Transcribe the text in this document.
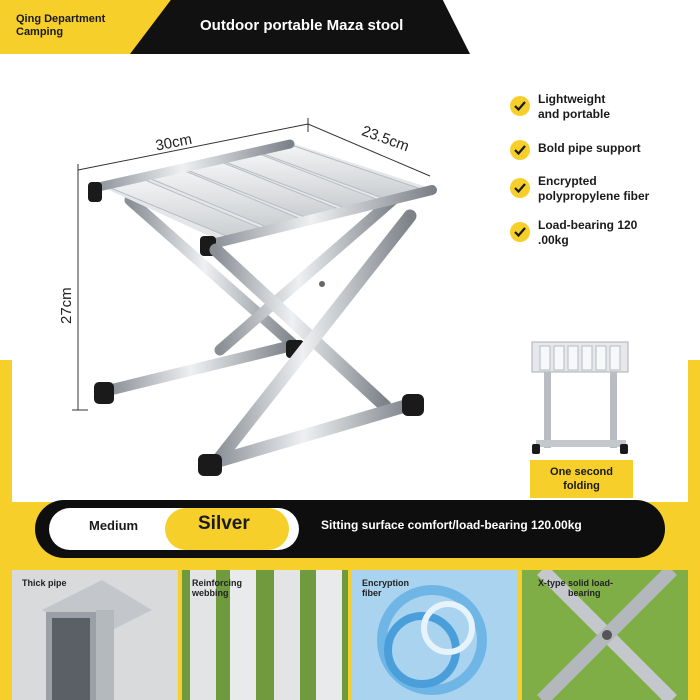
Qing Department
Camping	Outdoor portable Maza stool
30cm	23.5cm
27cm
Lightweight
and portable
Bold pipe support
Encrypted
polypropylene fiber
Load-bearing 120
.00kg
One second
folding
Medium	Silver	Sitting surface comfort/load-bearing 120.00kg
Thick pipe	Reinforcing
webbing
Encryption
fiber
X-type solid load-
bearing
